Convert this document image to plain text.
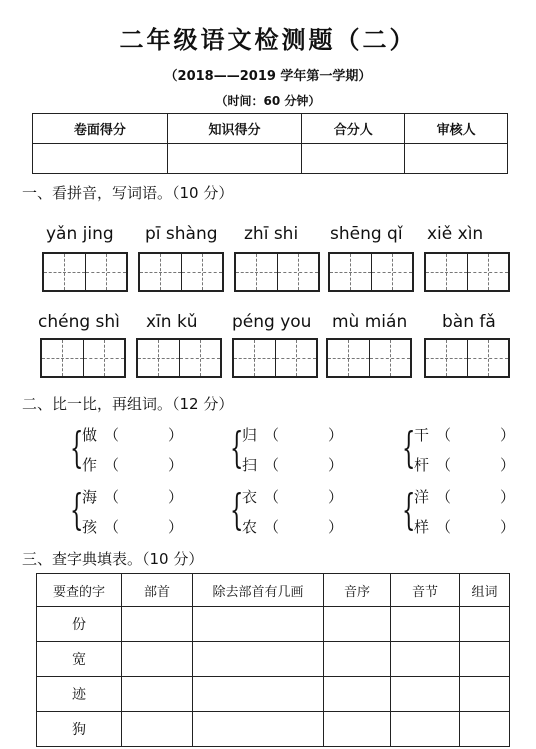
二年级语文检测题（二）
（2018——2019 学年第一学期）
（时间：60 分钟）
卷面得分	知识得分	合分人	审核人

一、看拼音，写词语。（10 分）
yǎn jing pī shàng zhī shi shēng qǐ xiě xìn
chéng shì xīn kǔ péng you mù mián bàn fǎ
二、比一比，再组词。（12 分）
{
做 （	）
作 （	） {
归 （	）
扫 （	） {
干 （	）
杆 （	）
{
海 （	）
孩 （	） {
衣 （	）
农 （	） {
洋 （	）
样 （	）
三、查字典填表。（10 分）
要查的字	部首	除去部首有几画	音序	音节	组词
份					
宽					
迹					
狗					
